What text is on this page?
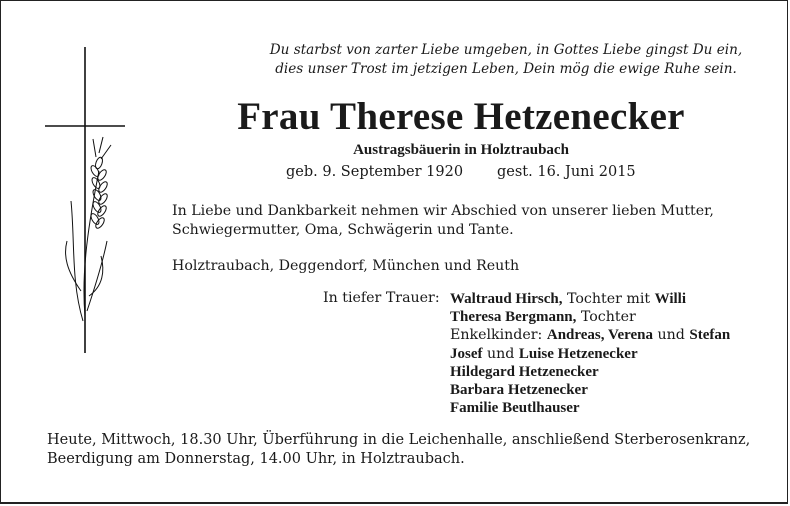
Du starbst von zarter Liebe umgeben, in Gottes Liebe gingst Du ein,
dies unser Trost im jetzigen Leben, Dein mög die ewige Ruhe sein.
Frau Therese Hetzenecker
Austragsbäuerin in Holztraubach
geb. 9. September 1920 gest. 16. Juni 2015
In Liebe und Dankbarkeit nehmen wir Abschied von unserer lieben Mutter,
Schwiegermutter, Oma, Schwägerin und Tante.
Holztraubach, Deggendorf, München und Reuth
In tiefer Trauer: Waltraud Hirsch, Tochter mit Willi
Theresa Bergmann, Tochter
Enkelkinder: Andreas, Verena und Stefan
Josef und Luise Hetzenecker
Hildegard Hetzenecker
Barbara Hetzenecker
Familie Beutlhauser
Heute, Mittwoch, 18.30 Uhr, Überführung in die Leichenhalle, anschließend Sterberosenkranz,
Beerdigung am Donnerstag, 14.00 Uhr, in Holztraubach.
